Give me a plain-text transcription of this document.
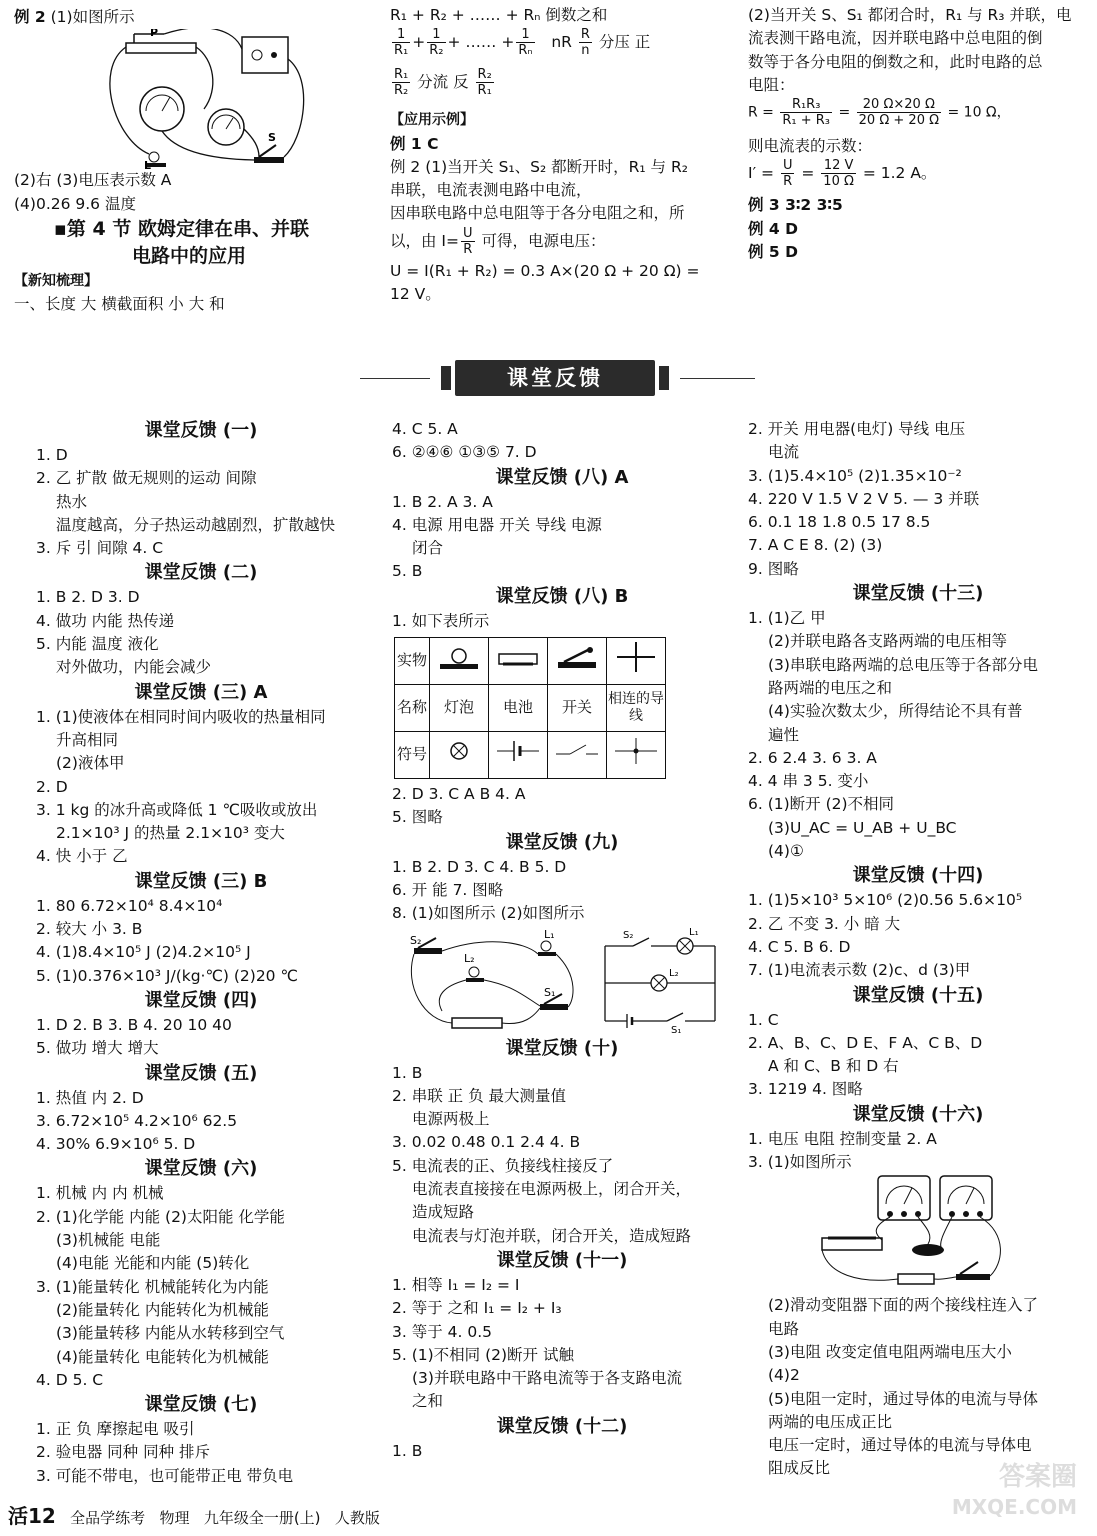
例 2 (1)如图所示
P
L
S
(2)右 (3)电压表示数 A
(4)0.26 9.6 温度
▪第 4 节 欧姆定律在串、并联
电路中的应用
【新知梳理】
一、长度 大 横截面积 小 大 和
R₁ + R₂ + …… + Rₙ 倒数之和
$\frac{1}{\text{R₁}} + \frac{1}{\text{R₂}}$ + …… + $\frac{1}{\text{Rₙ}}$ nR $\frac{R}{n}$ 分压 正
$\frac{\text{R₁}}{\text{R₂}}$ 分流 反 $\frac{\text{R₂}}{\text{R₁}}$
【应用示例】
例 1 C
例 2 (1)当开关 S₁、S₂ 都断开时，R₁ 与 R₂
串联，电流表测电路中电流，
因串联电路中总电阻等于各分电阻之和，所
以，由 $I= \frac{U}{R}$ 可得，电源电压：
U = I(R₁ + R₂) = 0.3 A×(20 Ω + 20 Ω) =
12 V。
(2)当开关 S、S₁ 都闭合时，R₁ 与 R₃ 并联，电
流表测干路电流，因并联电路中总电阻的倒
数等于各分电阻的倒数之和，此时电路的总
电阻：
$R = \frac{\text{R₁R₃}}{\text{R₁ + R₃}} = \frac{20 \Omega\times 20 \Omega}{20 \Omega + 20 \Omega} = 10$ Ω，
则电流表的示数：
$I' = \frac{U}{R} = \frac{12 V}{10 \Omega} = 1.2$ A。
例 3 3∶2 3∶5
例 4 D
例 5 D
课堂反馈
课堂反馈 (一)
1. D
2. 乙 扩散 做无规则的运动 间隙
热水
温度越高，分子热运动越剧烈，扩散越快
3. 斥 引 间隙 4. C
课堂反馈 (二)
1. B 2. D 3. D
4. 做功 内能 热传递
5. 内能 温度 液化
对外做功，内能会减少
课堂反馈 (三) A
1. (1)使液体在相同时间内吸收的热量相同
升高相同
(2)液体甲
2. D
3. 1 kg 的冰升高或降低 1 ℃吸收或放出
2.1×10³ J 的热量 2.1×10³ 变大
4. 快 小于 乙
课堂反馈 (三) B
1. 80 6.72×10⁴ 8.4×10⁴
2. 较大 小 3. B
4. (1)8.4×10⁵ J (2)4.2×10⁵ J
5. (1)0.376×10³ J/(kg·℃) (2)20 ℃
课堂反馈 (四)
1. D 2. B 3. B 4. 20 10 40
5. 做功 增大 增大
课堂反馈 (五)
1. 热值 内 2. D
3. 6.72×10⁵ 4.2×10⁶ 62.5
4. 30% 6.9×10⁶ 5. D
课堂反馈 (六)
1. 机械 内 内 机械
2. (1)化学能 内能 (2)太阳能 化学能
(3)机械能 电能
(4)电能 光能和内能 (5)转化
3. (1)能量转化 机械能转化为内能
(2)能量转化 内能转化为机械能
(3)能量转移 内能从水转移到空气
(4)能量转化 电能转化为机械能
4. D 5. C
课堂反馈 (七)
1. 正 负 摩擦起电 吸引
2. 验电器 同种 同种 排斥
3. 可能不带电，也可能带正电 带负电
4. C 5. A
6. ②④⑥ ①③⑤ 7. D
课堂反馈 (八) A
1. B 2. A 3. A
4. 电源 用电器 开关 导线 电源
闭合
5. B
课堂反馈 (八) B
1. 如下表所示
实物				
名称	灯泡	电池	开关	相连的导线
符号				
2. D 3. C A B 4. A
5. 图略
课堂反馈 (九)
1. B 2. D 3. C 4. B 5. D
6. 开 能 7. 图略
8. (1)如图所示 (2)如图所示
S₂	L₁
L₂
S₁
S₂	L₁
L₂
S₁
课堂反馈 (十)
1. B
2. 串联 正 负 最大测量值
电源两极上
3. 0.02 0.48 0.1 2.4 4. B
5. 电流表的正、负接线柱接反了
电流表直接接在电源两极上，闭合开关，
造成短路
电流表与灯泡并联，闭合开关，造成短路
课堂反馈 (十一)
1. 相等 I₁ = I₂ = I
2. 等于 之和 I₁ = I₂ + I₃
3. 等于 4. 0.5
5. (1)不相同 (2)断开 试触
(3)并联电路中干路电流等于各支路电流
之和
课堂反馈 (十二)
1. B
2. 开关 用电器(电灯) 导线 电压
电流
3. (1)5.4×10⁵ (2)1.35×10⁻²
4. 220 V 1.5 V 2 V 5. — 3 并联
6. 0.1 18 1.8 0.5 17 8.5
7. A C E 8. (2) (3)
9. 图略
课堂反馈 (十三)
1. (1)乙 甲
(2)并联电路各支路两端的电压相等
(3)串联电路两端的总电压等于各部分电
路两端的电压之和
(4)实验次数太少，所得结论不具有普
遍性
2. 6 2.4 3. 6 3. A
4. 4 串 3 5. 变小
6. (1)断开 (2)不相同
(3)U_AC = U_AB + U_BC
(4)①
课堂反馈 (十四)
1. (1)5×10³ 5×10⁶ (2)0.56 5.6×10⁵
2. 乙 不变 3. 小 暗 大
4. C 5. B 6. D
7. (1)电流表示数 (2)c、d (3)甲
课堂反馈 (十五)
1. C
2. A、B、C、D E、F A、C B、D
A 和 C、B 和 D 右
3. 1219 4. 图略
课堂反馈 (十六)
1. 电压 电阻 控制变量 2. A
3. (1)如图所示
(2)滑动变阻器下面的两个接线柱连入了
电路
(3)电阻 改变定值电阻两端电压大小
(4)2
(5)电阻一定时，通过导体的电流与导体
两端的电压成正比
电压一定时，通过导体的电流与导体电
阻成反比
活12 全品学练考 物理 九年级全一册(上) 人教版
答案圈
MXQE.COM
